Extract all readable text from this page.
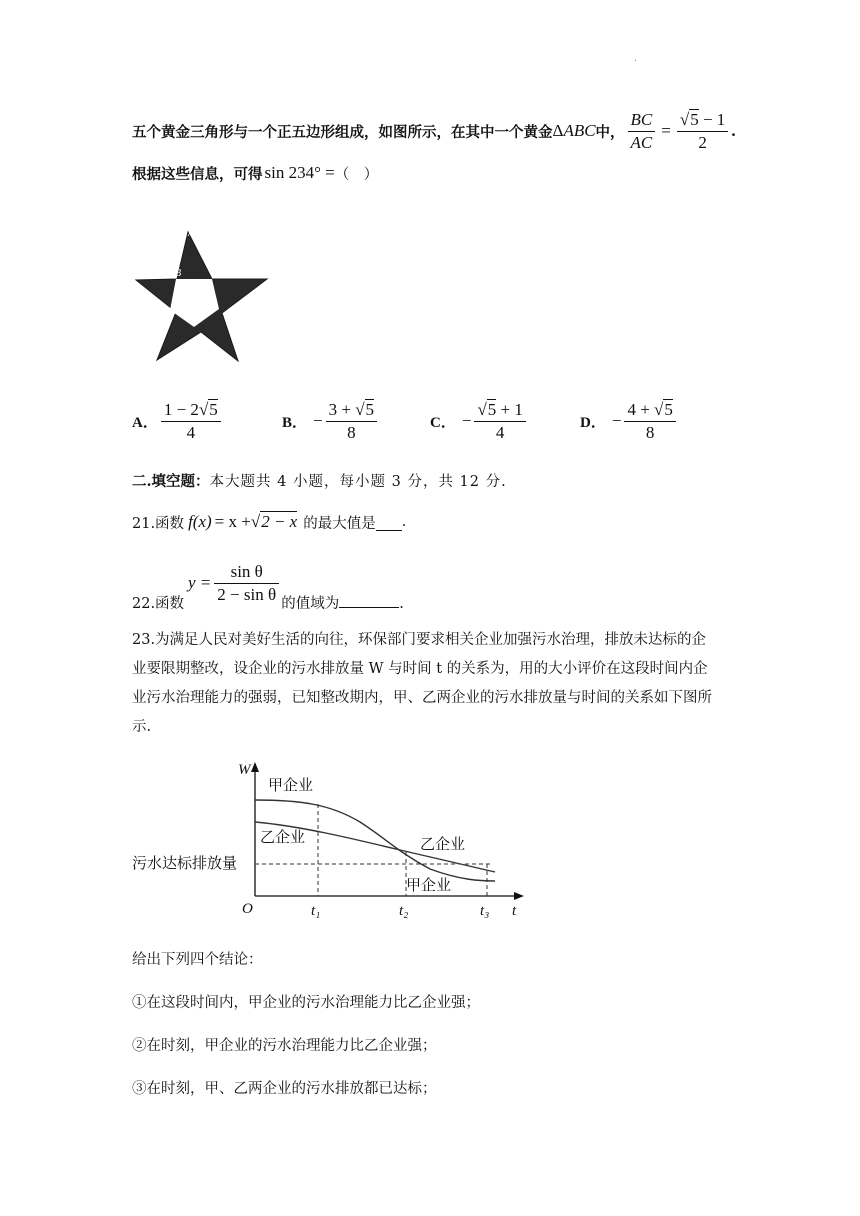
·
五个黄金三角形与一个正五边形组成，如图所示，在其中一个黄金 Δ ABC 中， $\frac{BC}{AC} = \frac{√5 - 1}{2}$ .
根据这些信息，可得 sin 234° = （　）
A
B	C
A． $\frac{1 - 2√5}{4}$	B． − $\frac{3 + √5}{8}$	C． − $\frac{√5 + 1}{4}$	D． − $\frac{4 + √5}{8}$
二.填空题：本大题共 4 小题，每小题 3 分，共 12 分.
21.函数 f (x) = x + √2 − x 的最大值是 .
$y = \frac{\text{sin θ}}{\text{2 − sin θ}}$
22.函数	的值域为	.
23.为满足人民对美好生活的向往，环保部门要求相关企业加强污水治理，排放未达标的企
业要限期整改，设企业的污水排放量 W 与时间 t 的关系为，用的大小评价在这段时间内企
业污水治理能力的强弱，已知整改期内，甲、乙两企业的污水排放量与时间的关系如下图所
示.
W
t
O	t₁	t₂	t₃
甲企业
乙企业	乙企业
甲企业
污水达标排放量
给出下列四个结论：
①在这段时间内，甲企业的污水治理能力比乙企业强；
②在时刻，甲企业的污水治理能力比乙企业强；
③在时刻，甲、乙两企业的污水排放都已达标；
